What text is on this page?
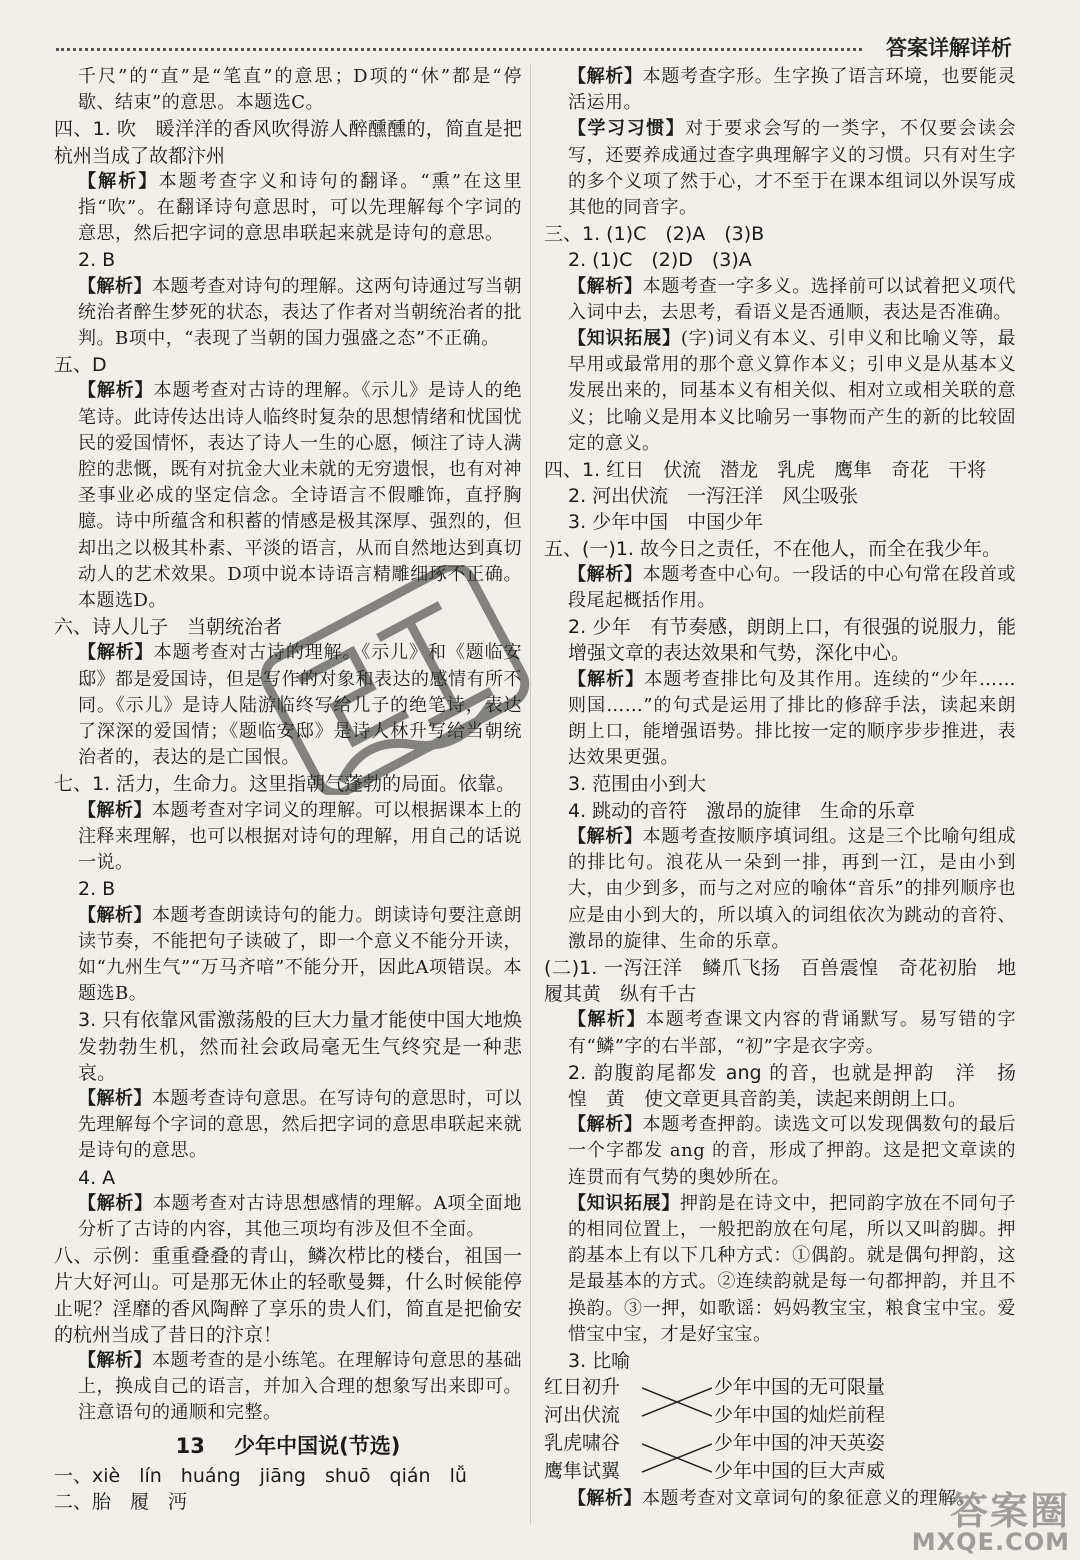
答案详解详析

千尺”的“直”是“笔直”的意思；D项的“休”都是“停歇、结束”的意思。本题选C。

四、1. 吹　暖洋洋的香风吹得游人醉醺醺的，简直是把杭州当成了故都汴州

【解析】本题考查字义和诗句的翻译。“熏”在这里指“吹”。在翻译诗句意思时，可以先理解每个字词的意思，然后把字词的意思串联起来就是诗句的意思。

2. B

【解析】本题考查对诗句的理解。这两句诗通过写当朝统治者醉生梦死的状态，表达了作者对当朝统治者的批判。B项中，“表现了当朝的国力强盛之态”不正确。

五、D

【解析】本题考查对古诗的理解。《示儿》是诗人的绝笔诗。此诗传达出诗人临终时复杂的思想情绪和忧国忧民的爱国情怀，表达了诗人一生的心愿，倾注了诗人满腔的悲慨，既有对抗金大业未就的无穷遗恨，也有对神圣事业必成的坚定信念。全诗语言不假雕饰，直抒胸臆。诗中所蕴含和积蓄的情感是极其深厚、强烈的，但却出之以极其朴素、平淡的语言，从而自然地达到真切动人的艺术效果。D项中说本诗语言精雕细琢不正确。本题选D。

六、诗人儿子　当朝统治者

【解析】本题考查对古诗的理解。《示儿》和《题临安邸》都是爱国诗，但是写作的对象和表达的感情有所不同。《示儿》是诗人陆游临终写给儿子的绝笔诗，表达了深深的爱国情；《题临安邸》是诗人林升写给当朝统治者的，表达的是亡国恨。

七、1. 活力，生命力。这里指朝气蓬勃的局面。依靠。

【解析】本题考查对字词义的理解。可以根据课本上的注释来理解，也可以根据对诗句的理解，用自己的话说一说。

2. B

【解析】本题考查朗读诗句的能力。朗读诗句要注意朗读节奏，不能把句子读破了，即一个意义不能分开读，如“九州生气”“万马齐喑”不能分开，因此A项错误。本题选B。

3. 只有依靠风雷激荡般的巨大力量才能使中国大地焕发勃勃生机，然而社会政局毫无生气终究是一种悲哀。

【解析】本题考查诗句意思。在写诗句的意思时，可以先理解每个字词的意思，然后把字词的意思串联起来就是诗句的意思。

4. A

【解析】本题考查对古诗思想感情的理解。A项全面地分析了古诗的内容，其他三项均有涉及但不全面。

八、示例：重重叠叠的青山，鳞次栉比的楼台，祖国一片大好河山。可是那无休止的轻歌曼舞，什么时候能停止呢？淫靡的香风陶醉了享乐的贵人们，简直是把偷安的杭州当成了昔日的汴京！

【解析】本题考查的是小练笔。在理解诗句意思的基础上，换成自己的语言，并加入合理的想象写出来即可。注意语句的通顺和完整。

13 少年中国说(节选)

一、xiè　lín　huáng　jiāng　shuō　qián　lǚ

二、胎　履　沔

【解析】本题考查字形。生字换了语言环境，也要能灵活运用。

【学习习惯】对于要求会写的一类字，不仅要会读会写，还要养成通过查字典理解字义的习惯。只有对生字的多个义项了然于心，才不至于在课本组词以外误写成其他的同音字。

三、1. (1)C　(2)A　(3)B

2. (1)C　(2)D　(3)A

【解析】本题考查一字多义。选择前可以试着把义项代入词中去，去思考，看语义是否通顺，表达是否准确。

【知识拓展】(字)词义有本义、引申义和比喻义等，最早用或最常用的那个意义算作本义；引申义是从基本义发展出来的，同基本义有相关似、相对立或相关联的意义；比喻义是用本义比喻另一事物而产生的新的比较固定的意义。

四、1. 红日　伏流　潜龙　乳虎　鹰隼　奇花　干将

2. 河出伏流　一泻汪洋　风尘吸张

3. 少年中国　中国少年

五、(一)1. 故今日之责任，不在他人，而全在我少年。

【解析】本题考查中心句。一段话的中心句常在段首或段尾起概括作用。

2. 少年　有节奏感，朗朗上口，有很强的说服力，能增强文章的表达效果和气势，深化中心。

【解析】本题考查排比句及其作用。连续的“少年……则国……”的句式是运用了排比的修辞手法，读起来朗朗上口，能增强语势。排比按一定的顺序步步推进，表达效果更强。

3. 范围由小到大

4. 跳动的音符　激昂的旋律　生命的乐章

【解析】本题考查按顺序填词组。这是三个比喻句组成的排比句。浪花从一朵到一排，再到一江，是由小到大，由少到多，而与之对应的喻体“音乐”的排列顺序也应是由小到大的，所以填入的词组依次为跳动的音符、激昂的旋律、生命的乐章。

(二)1. 一泻汪洋　鳞爪飞扬　百兽震惶　奇花初胎　地履其黄　纵有千古

【解析】本题考查课文内容的背诵默写。易写错的字有“鳞”字的右半部，“初”字是衣字旁。

2. 韵腹韵尾都发 ang 的音，也就是押韵　洋　扬　惶　黄　使文章更具音韵美，读起来朗朗上口。

【解析】本题考查押韵。读选文可以发现偶数句的最后一个字都发 ang 的音，形成了押韵。这是把文章读的连贯而有气势的奥妙所在。

【知识拓展】押韵是在诗文中，把同韵字放在不同句子的相同位置上，一般把韵放在句尾，所以又叫韵脚。押韵基本上有以下几种方式：①偶韵。就是偶句押韵，这是最基本的方式。②连续韵就是每一句都押韵，并且不换韵。③一押，如歌谣：妈妈教宝宝，粮食宝中宝。爱惜宝中宝，才是好宝宝。

3. 比喻

红日初升
河出伏流
乳虎啸谷
鹰隼试翼
少年中国的无可限量
少年中国的灿烂前程
少年中国的冲天英姿
少年中国的巨大声威

【解析】本题考查对文章词句的象征意义的理解。

答案圈
MXQE.COM
